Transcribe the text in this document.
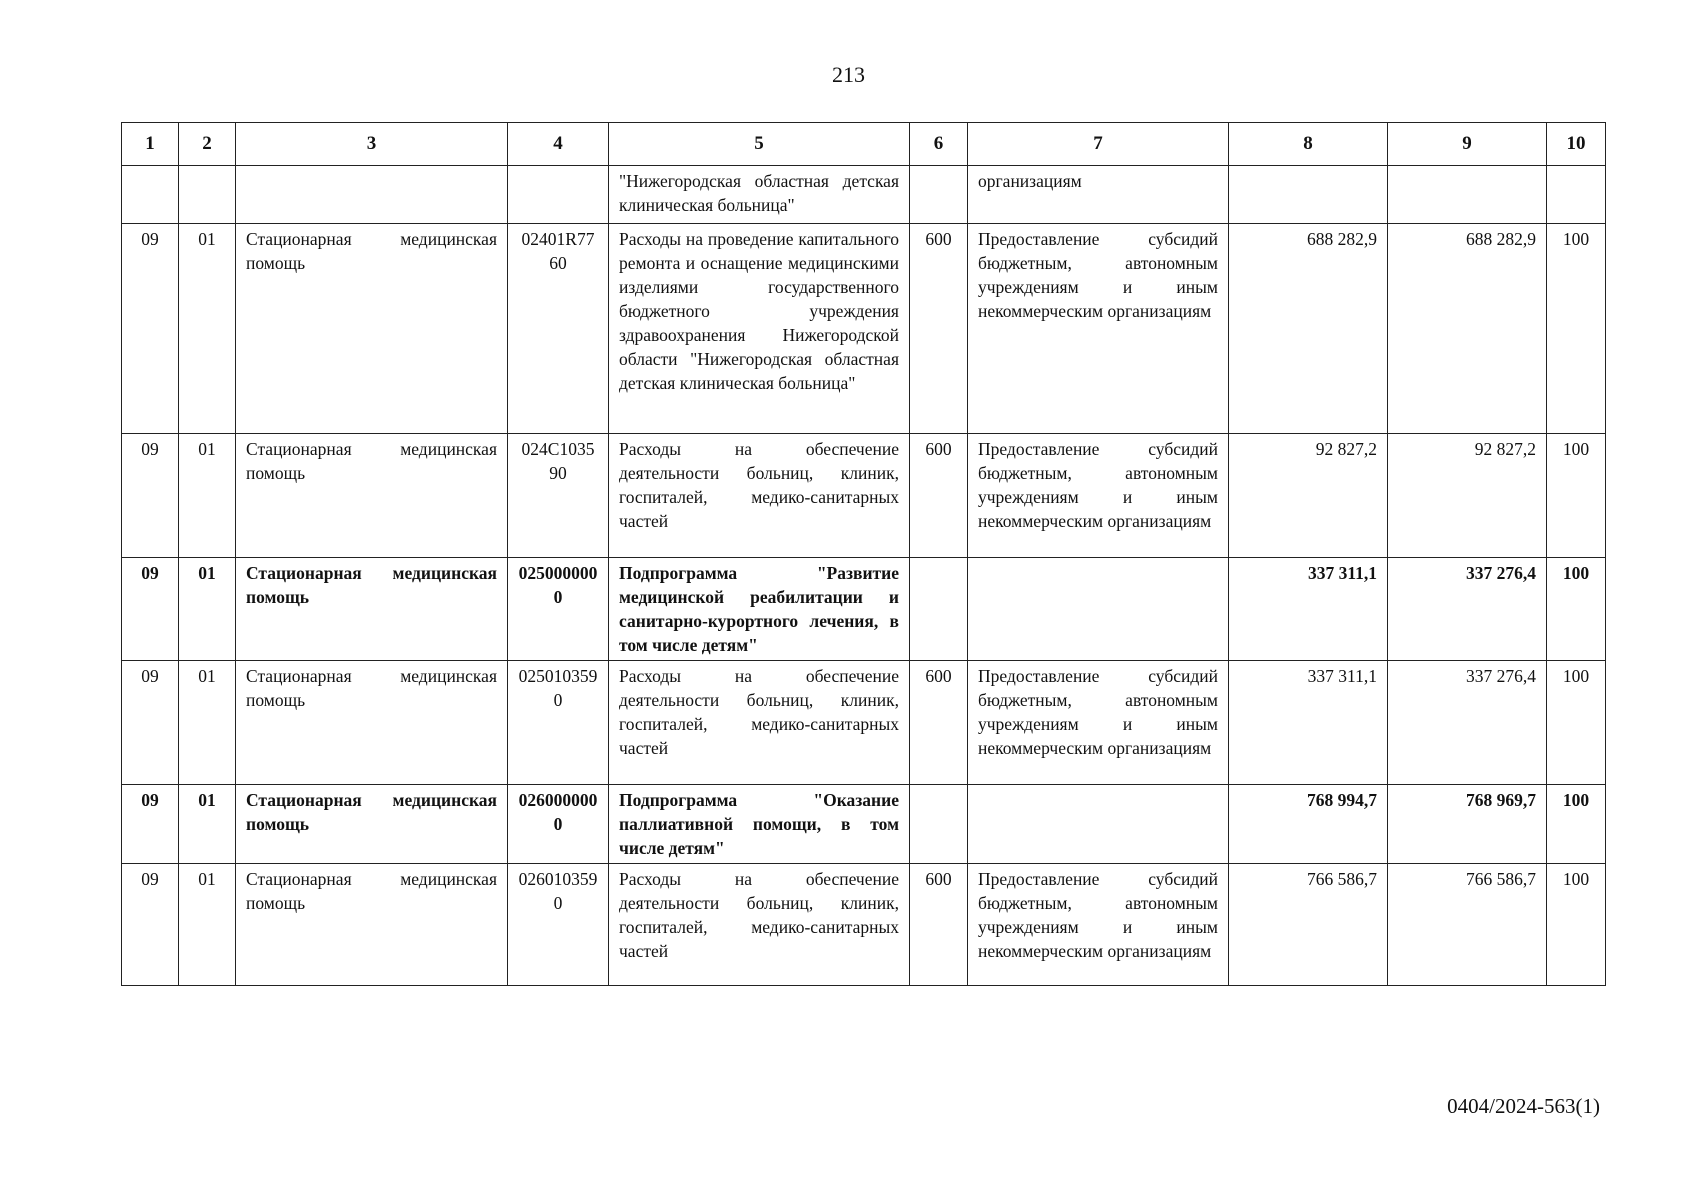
213
1	2	3	4	5	6	7	8	9	10
				"Нижегородская областная детская клиническая больница"		организациям			
09	01	Стационарная медицинская помощь	02401R7760	Расходы на проведение капитального ремонта и оснащение медицинскими изделиями государственного бюджетного учреждения здравоохранения Нижегородской области "Нижегородская областная детская клиническая больница"	600	Предоставление субсидий бюджетным, автономным учреждениям и иным некоммерческим организациям	688 282,9	688 282,9	100
09	01	Стационарная медицинская помощь	024С103590	Расходы на обеспечение деятельности больниц, клиник, госпиталей, медико-санитарных частей	600	Предоставление субсидий бюджетным, автономным учреждениям и иным некоммерческим организациям	92 827,2	92 827,2	100
09	01	Стационарная медицинская помощь	0250000000	Подпрограмма "Развитие медицинской реабилитации и санитарно-курортного лечения, в том числе детям"			337 311,1	337 276,4	100
09	01	Стационарная медицинская помощь	0250103590	Расходы на обеспечение деятельности больниц, клиник, госпиталей, медико-санитарных частей	600	Предоставление субсидий бюджетным, автономным учреждениям и иным некоммерческим организациям	337 311,1	337 276,4	100
09	01	Стационарная медицинская помощь	0260000000	Подпрограмма "Оказание паллиативной помощи, в том числе детям"			768 994,7	768 969,7	100
09	01	Стационарная медицинская помощь	0260103590	Расходы на обеспечение деятельности больниц, клиник, госпиталей, медико-санитарных частей	600	Предоставление субсидий бюджетным, автономным учреждениям и иным некоммерческим организациям	766 586,7	766 586,7	100
0404/2024-563(1)
